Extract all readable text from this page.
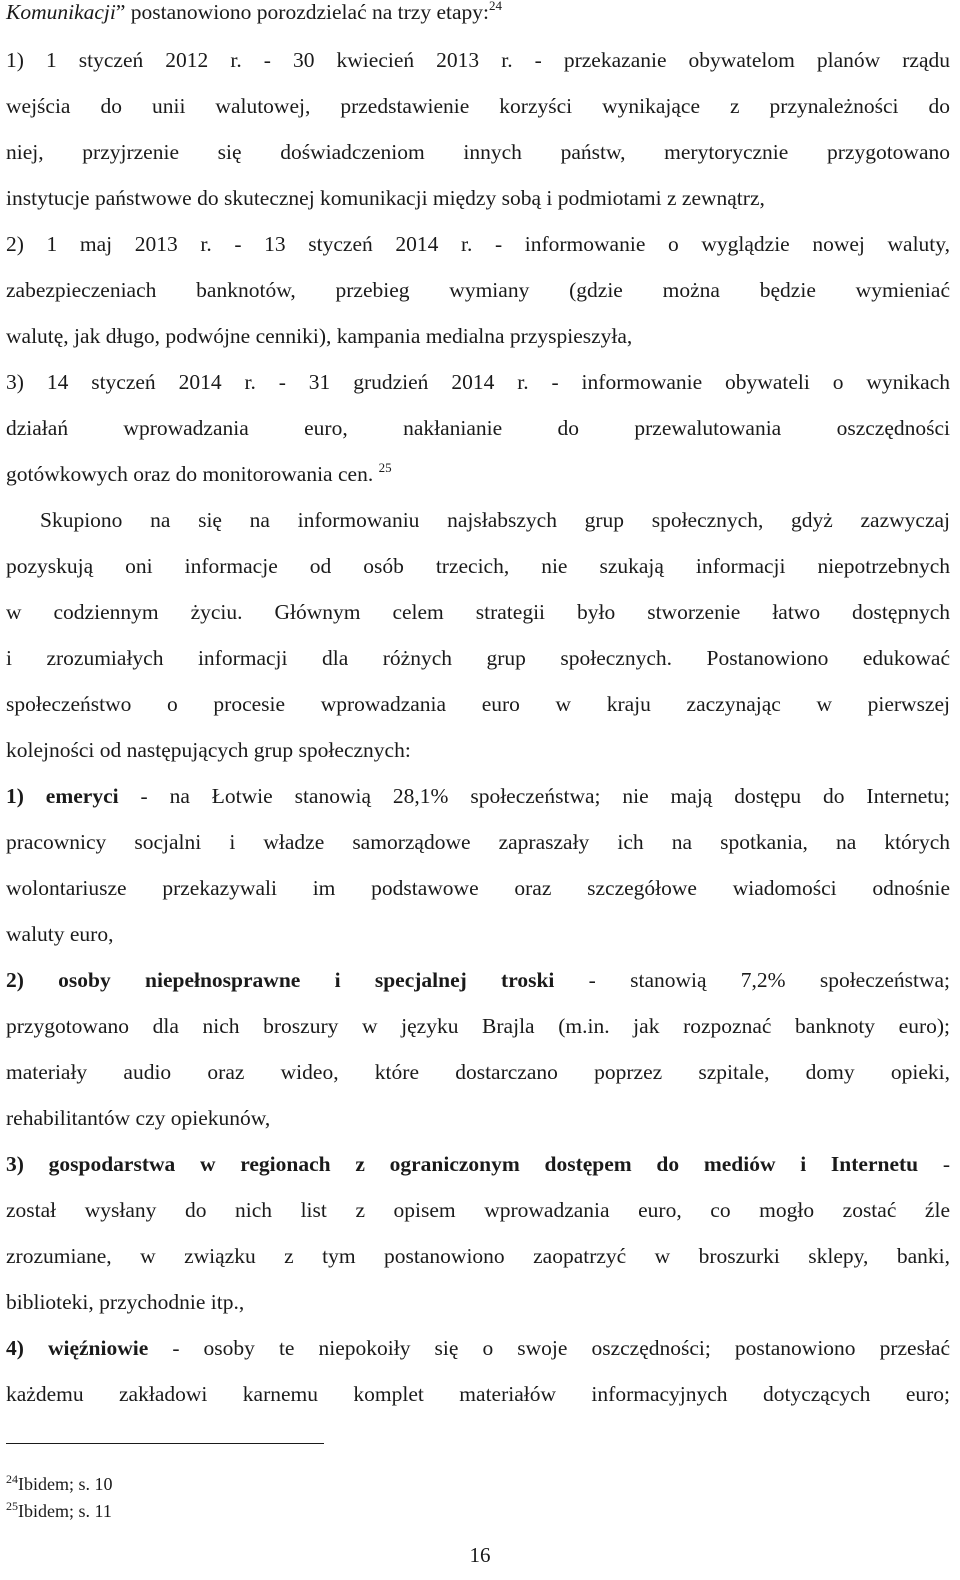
Komunikacji” postanowiono porozdzielać na trzy etapy:$^{24}$
1) 1 styczeń 2012 r. - 30 kwiecień 2013 r. - przekazanie obywatelom planów rządu
wejścia do unii walutowej, przedstawienie korzyści wynikające z przynależności do
niej, przyjrzenie się doświadczeniom innych państw, merytorycznie przygotowano
instytucje państwowe do skutecznej komunikacji między sobą i podmiotami z zewnątrz,
2) 1 maj 2013 r. - 13 styczeń 2014 r. - informowanie o wyglądzie nowej waluty,
zabezpieczeniach banknotów, przebieg wymiany (gdzie można będzie wymieniać
walutę, jak długo, podwójne cenniki), kampania medialna przyspieszyła,
3) 14 styczeń 2014 r. - 31 grudzień 2014 r. - informowanie obywateli o wynikach
działań wprowadzania euro, nakłanianie do przewalutowania oszczędności
gotówkowych oraz do monitorowania cen. $^{25}$
Skupiono na się na informowaniu najsłabszych grup społecznych, gdyż zazwyczaj
pozyskują oni informacje od osób trzecich, nie szukają informacji niepotrzebnych
w codziennym życiu. Głównym celem strategii było stworzenie łatwo dostępnych
i zrozumiałych informacji dla różnych grup społecznych. Postanowiono edukować
społeczeństwo o procesie wprowadzania euro w kraju zaczynając w pierwszej
kolejności od następujących grup społecznych:
1) emeryci - na Łotwie stanowią 28,1% społeczeństwa; nie mają dostępu do Internetu;
pracownicy socjalni i władze samorządowe zapraszały ich na spotkania, na których
wolontariusze przekazywali im podstawowe oraz szczegółowe wiadomości odnośnie
waluty euro,
2) osoby niepełnosprawne i specjalnej troski - stanowią 7,2% społeczeństwa;
przygotowano dla nich broszury w języku Brajla (m.in. jak rozpoznać banknoty euro);
materiały audio oraz wideo, które dostarczano poprzez szpitale, domy opieki,
rehabilitantów czy opiekunów,
3) gospodarstwa w regionach z ograniczonym dostępem do mediów i Internetu -
został wysłany do nich list z opisem wprowadzania euro, co mogło zostać źle
zrozumiane, w związku z tym postanowiono zaopatrzyć w broszurki sklepy, banki,
biblioteki, przychodnie itp.,
4) więźniowie - osoby te niepokoiły się o swoje oszczędności; postanowiono przesłać
każdemu zakładowi karnemu komplet materiałów informacyjnych dotyczących euro;
$^{24}$Ibidem; s. 10
$^{25}$Ibidem; s. 11
16
